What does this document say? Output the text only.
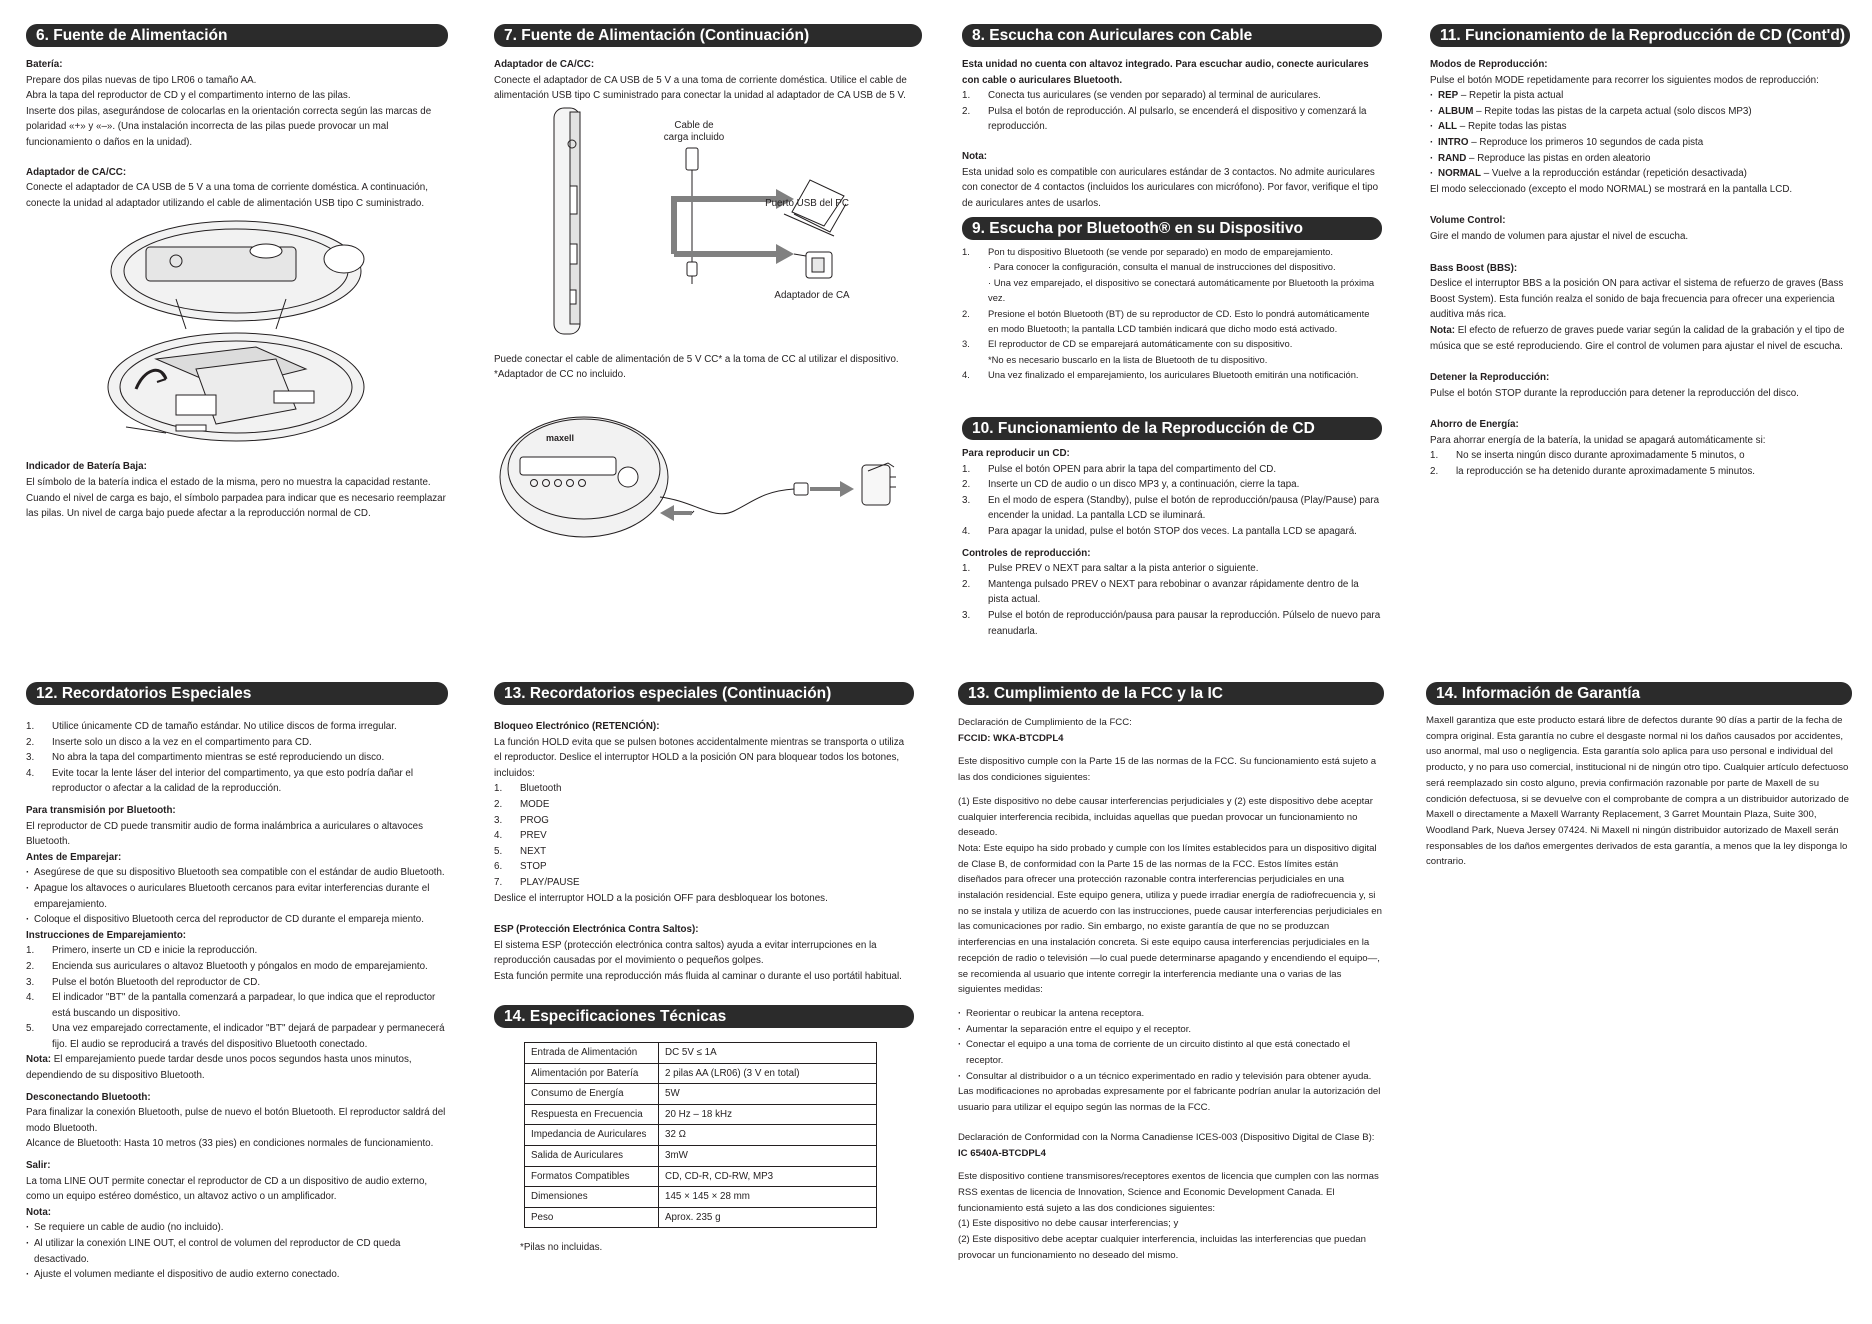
6. Fuente de Alimentación
Batería:

Prepare dos pilas nuevas de tipo LR06 o tamaño AA.

Abra la tapa del reproductor de CD y el compartimento interno de las pilas.

Inserte dos pilas, asegurándose de colocarlas en la orientación correcta según las marcas de polaridad «+» y «–». (Una instalación incorrecta de las pilas puede provocar un mal funcionamiento o daños en la unidad).

Adaptador de CA/CC:

Conecte el adaptador de CA USB de 5 V a una toma de corriente doméstica. A continuación, conecte la unidad al adaptador utilizando el cable de alimentación USB tipo C suministrado.

Indicador de Batería Baja:

El símbolo de la batería indica el estado de la misma, pero no muestra la capacidad restante. Cuando el nivel de carga es bajo, el símbolo parpadea para indicar que es necesario reemplazar las pilas. Un nivel de carga bajo puede afectar a la reproducción normal de CD.

7. Fuente de Alimentación (Continuación)
Adaptador de CA/CC:

Conecte el adaptador de CA USB de 5 V a una toma de corriente doméstica. Utilice el cable de alimentación USB tipo C suministrado para conectar la unidad al adaptador de CA USB de 5 V.

Cable de
carga incluido
Puerto USB del PC
Adaptador de CA

Puede conectar el cable de alimentación de 5 V CC* a la toma de CC al utilizar el dispositivo.

*Adaptador de CC no incluido.

maxell
8. Escucha con Auriculares con Cable

Esta unidad no cuenta con altavoz integrado. Para escuchar audio, conecte auriculares con cable o auriculares Bluetooth.

1. Conecta tus auriculares (se venden por separado) al terminal de auriculares.
2. Pulsa el botón de reproducción. Al pulsarlo, se encenderá el dispositivo y comenzará la reproducción.
Nota:

Esta unidad solo es compatible con auriculares estándar de 3 contactos. No admite auriculares con conector de 4 contactos (incluidos los auriculares con micrófono). Por favor, verifique el tipo de auriculares antes de usarlos.

9. Escucha por Bluetooth® en su Dispositivo
1. Pon tu dispositivo Bluetooth (se vende por separado) en modo de emparejamiento.
· Para conocer la configuración, consulta el manual de instrucciones del dispositivo.
· Una vez emparejado, el dispositivo se conectará automáticamente por Bluetooth la próxima vez.
2. Presione el botón Bluetooth (BT) de su reproductor de CD. Esto lo pondrá automáticamente en modo Bluetooth; la pantalla LCD también indicará que dicho modo está activado.
3. El reproductor de CD se emparejará automáticamente con su dispositivo.
*No es necesario buscarlo en la lista de Bluetooth de tu dispositivo.
4. Una vez finalizado el emparejamiento, los auriculares Bluetooth emitirán una notificación.
10. Funcionamiento de la Reproducción de CD
Para reproducir un CD:
1. Pulse el botón OPEN para abrir la tapa del compartimento del CD.
2. Inserte un CD de audio o un disco MP3 y, a continuación, cierre la tapa.
3. En el modo de espera (Standby), pulse el botón de reproducción/pausa (Play/Pause) para encender la unidad. La pantalla LCD se iluminará.
4. Para apagar la unidad, pulse el botón STOP dos veces. La pantalla LCD se apagará.
Controles de reproducción:
1. Pulse PREV o NEXT para saltar a la pista anterior o siguiente.
2. Mantenga pulsado PREV o NEXT para rebobinar o avanzar rápidamente dentro de la pista actual.
3. Pulse el botón de reproducción/pausa para pausar la reproducción. Púlselo de nuevo para reanudarla.
11. Funcionamiento de la Reproducción de CD (Cont'd)
Modos de Reproducción:

Pulse el botón MODE repetidamente para recorrer los siguientes modos de reproducción:

· REP – Repetir la pista actual
· ALBUM – Repite todas las pistas de la carpeta actual (solo discos MP3)
· ALL – Repite todas las pistas
· INTRO – Reproduce los primeros 10 segundos de cada pista
· RAND – Reproduce las pistas en orden aleatorio
· NORMAL – Vuelve a la reproducción estándar (repetición desactivada)

El modo seleccionado (excepto el modo NORMAL) se mostrará en la pantalla LCD.

Volume Control:

Gire el mando de volumen para ajustar el nivel de escucha.

Bass Boost (BBS):

Deslice el interruptor BBS a la posición ON para activar el sistema de refuerzo de graves (Bass Boost System). Esta función realza el sonido de baja frecuencia para ofrecer una experiencia auditiva más rica.

Nota: El efecto de refuerzo de graves puede variar según la calidad de la grabación y el tipo de música que se esté reproduciendo. Gire el control de volumen para ajustar el nivel de escucha.

Detener la Reproducción:

Pulse el botón STOP durante la reproducción para detener la reproducción del disco.

Ahorro de Energía:

Para ahorrar energía de la batería, la unidad se apagará automáticamente si:

1. No se inserta ningún disco durante aproximadamente 5 minutos, o
2. la reproducción se ha detenido durante aproximadamente 5 minutos.
12. Recordatorios Especiales
1. Utilice únicamente CD de tamaño estándar. No utilice discos de forma irregular.
2. Inserte solo un disco a la vez en el compartimento para CD.
3. No abra la tapa del compartimento mientras se esté reproduciendo un disco.
4. Evite tocar la lente láser del interior del compartimento, ya que esto podría dañar el reproductor o afectar a la calidad de la reproducción.
Para transmisión por Bluetooth:

El reproductor de CD puede transmitir audio de forma inalámbrica a auriculares o altavoces Bluetooth.

Antes de Emparejar:
· Asegúrese de que su dispositivo Bluetooth sea compatible con el estándar de audio Bluetooth.
· Apague los altavoces o auriculares Bluetooth cercanos para evitar interferencias durante el emparejamiento.
· Coloque el dispositivo Bluetooth cerca del reproductor de CD durante el empareja miento.
Instrucciones de Emparejamiento:
1. Primero, inserte un CD e inicie la reproducción.
2. Encienda sus auriculares o altavoz Bluetooth y póngalos en modo de emparejamiento.
3. Pulse el botón Bluetooth del reproductor de CD.
4. El indicador "BT" de la pantalla comenzará a parpadear, lo que indica que el reproductor está buscando un dispositivo.
5. Una vez emparejado correctamente, el indicador "BT" dejará de parpadear y permanecerá fijo. El audio se reproducirá a través del dispositivo Bluetooth conectado.

Nota: El emparejamiento puede tardar desde unos pocos segundos hasta unos minutos, dependiendo de su dispositivo Bluetooth.

Desconectando Bluetooth:

Para finalizar la conexión Bluetooth, pulse de nuevo el botón Bluetooth. El reproductor saldrá del modo Bluetooth.

Alcance de Bluetooth: Hasta 10 metros (33 pies) en condiciones normales de funcionamiento.

Salir:

La toma LINE OUT permite conectar el reproductor de CD a un dispositivo de audio externo, como un equipo estéreo doméstico, un altavoz activo o un amplificador.

Nota:
· Se requiere un cable de audio (no incluido).
· Al utilizar la conexión LINE OUT, el control de volumen del reproductor de CD queda desactivado.
· Ajuste el volumen mediante el dispositivo de audio externo conectado.
13. Recordatorios especiales (Continuación)
Bloqueo Electrónico (RETENCIÓN):

La función HOLD evita que se pulsen botones accidentalmente mientras se transporta o utiliza el reproductor. Deslice el interruptor HOLD a la posición ON para bloquear todos los botones, incluidos:

1. Bluetooth
2. MODE
3. PROG
4. PREV
5. NEXT
6. STOP
7. PLAY/PAUSE

Deslice el interruptor HOLD a la posición OFF para desbloquear los botones.

ESP (Protección Electrónica Contra Saltos):

El sistema ESP (protección electrónica contra saltos) ayuda a evitar interrupciones en la reproducción causadas por el movimiento o pequeños golpes.

Esta función permite una reproducción más fluida al caminar o durante el uso portátil habitual.

14. Especificaciones Técnicas
Entrada de Alimentación	DC 5V ≤ 1A
Alimentación por Batería	2 pilas AA (LR06) (3 V en total)
Consumo de Energía	5W
Respuesta en Frecuencia	20 Hz – 18 kHz
Impedancia de Auriculares	32 Ω
Salida de Auriculares	3mW
Formatos Compatibles	CD, CD-R, CD-RW, MP3
Dimensiones	145 × 145 × 28 mm
Peso	Aprox. 235 g

*Pilas no incluidas.

13. Cumplimiento de la FCC y la IC

Declaración de Cumplimiento de la FCC:

FCCID: WKA-BTCDPL4

Este dispositivo cumple con la Parte 15 de las normas de la FCC. Su funcionamiento está sujeto a las dos condiciones siguientes:

(1) Este dispositivo no debe causar interferencias perjudiciales y (2) este dispositivo debe aceptar cualquier interferencia recibida, incluidas aquellas que puedan provocar un funcionamiento no deseado.

Nota: Este equipo ha sido probado y cumple con los límites establecidos para un dispositivo digital de Clase B, de conformidad con la Parte 15 de las normas de la FCC. Estos límites están diseñados para ofrecer una protección razonable contra interferencias perjudiciales en una instalación residencial. Este equipo genera, utiliza y puede irradiar energía de radiofrecuencia y, si no se instala y utiliza de acuerdo con las instrucciones, puede causar interferencias perjudiciales en las comunicaciones por radio. Sin embargo, no existe garantía de que no se produzcan interferencias en una instalación concreta. Si este equipo causa interferencias perjudiciales en la recepción de radio o televisión —lo cual puede determinarse apagando y encendiendo el equipo—, se recomienda al usuario que intente corregir la interferencia mediante una o varias de las siguientes medidas:

· Reorientar o reubicar la antena receptora.
· Aumentar la separación entre el equipo y el receptor.
· Conectar el equipo a una toma de corriente de un circuito distinto al que está conectado el receptor.
· Consultar al distribuidor o a un técnico experimentado en radio y televisión para obtener ayuda.

Las modificaciones no aprobadas expresamente por el fabricante podrían anular la autorización del usuario para utilizar el equipo según las normas de la FCC.

Declaración de Conformidad con la Norma Canadiense ICES-003 (Dispositivo Digital de Clase B):

IC 6540A-BTCDPL4

Este dispositivo contiene transmisores/receptores exentos de licencia que cumplen con las normas RSS exentas de licencia de Innovation, Science and Economic Development Canada. El funcionamiento está sujeto a las dos condiciones siguientes:

(1) Este dispositivo no debe causar interferencias; y

(2) Este dispositivo debe aceptar cualquier interferencia, incluidas las interferencias que puedan provocar un funcionamiento no deseado del mismo.

14. Información de Garantía

Maxell garantiza que este producto estará libre de defectos durante 90 días a partir de la fecha de compra original. Esta garantía no cubre el desgaste normal ni los daños causados por accidentes, uso anormal, mal uso o negligencia. Esta garantía solo aplica para uso personal e individual del producto, y no para uso comercial, institucional ni de ningún otro tipo. Cualquier artículo defectuoso será reemplazado sin costo alguno, previa confirmación razonable por parte de Maxell de su condición defectuosa, si se devuelve con el comprobante de compra a un distribuidor autorizado de Maxell o directamente a Maxell Warranty Replacement, 3 Garret Mountain Plaza, Suite 300, Woodland Park, Nueva Jersey 07424. Ni Maxell ni ningún distribuidor autorizado de Maxell serán responsables de los daños emergentes derivados de esta garantía, a menos que la ley disponga lo contrario.
